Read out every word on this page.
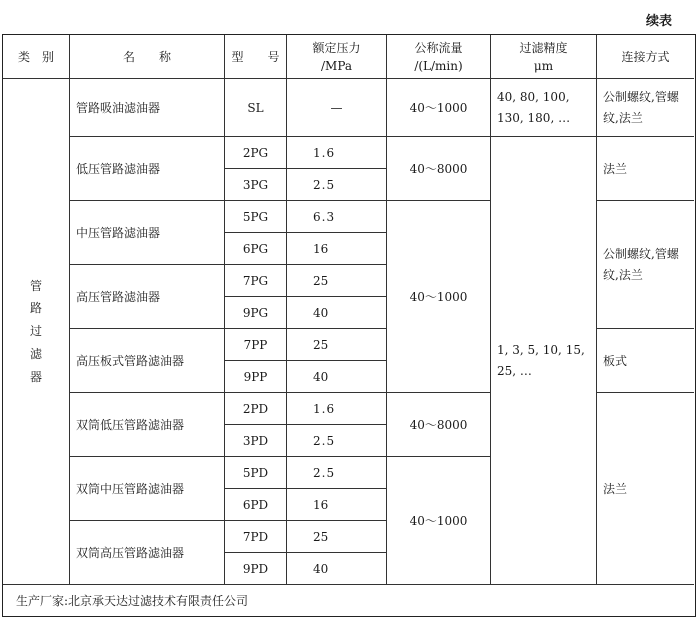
续表
类　别	名　　称	型　　号
额定压力
/MPa
公称流量
/(L/min)
过滤精度
μm
连接方式
管
路
过
滤
器
管路吸油滤油器
低压管路滤油器
中压管路滤油器
高压管路滤油器
高压板式管路滤油器
双筒低压管路滤油器
双筒中压管路滤油器
双筒高压管路滤油器
SL
2PG
3PG
5PG
6PG
7PG
9PG
7PP
9PP
2PD
3PD
5PD
6PD
7PD
9PD
—
1.6
2.5
6.3
16
25
40
25
40
1.6
2.5
2.5
16
25
40
40～1000
40～8000
40～1000
40～8000
40～1000
40, 80, 100, 130, 180, …
1, 3, 5, 10, 15, 25, …
公制螺纹,管螺纹,法兰
法兰
公制螺纹,管螺纹,法兰
板式
法兰
生产厂家:北京承天达过滤技术有限责任公司
